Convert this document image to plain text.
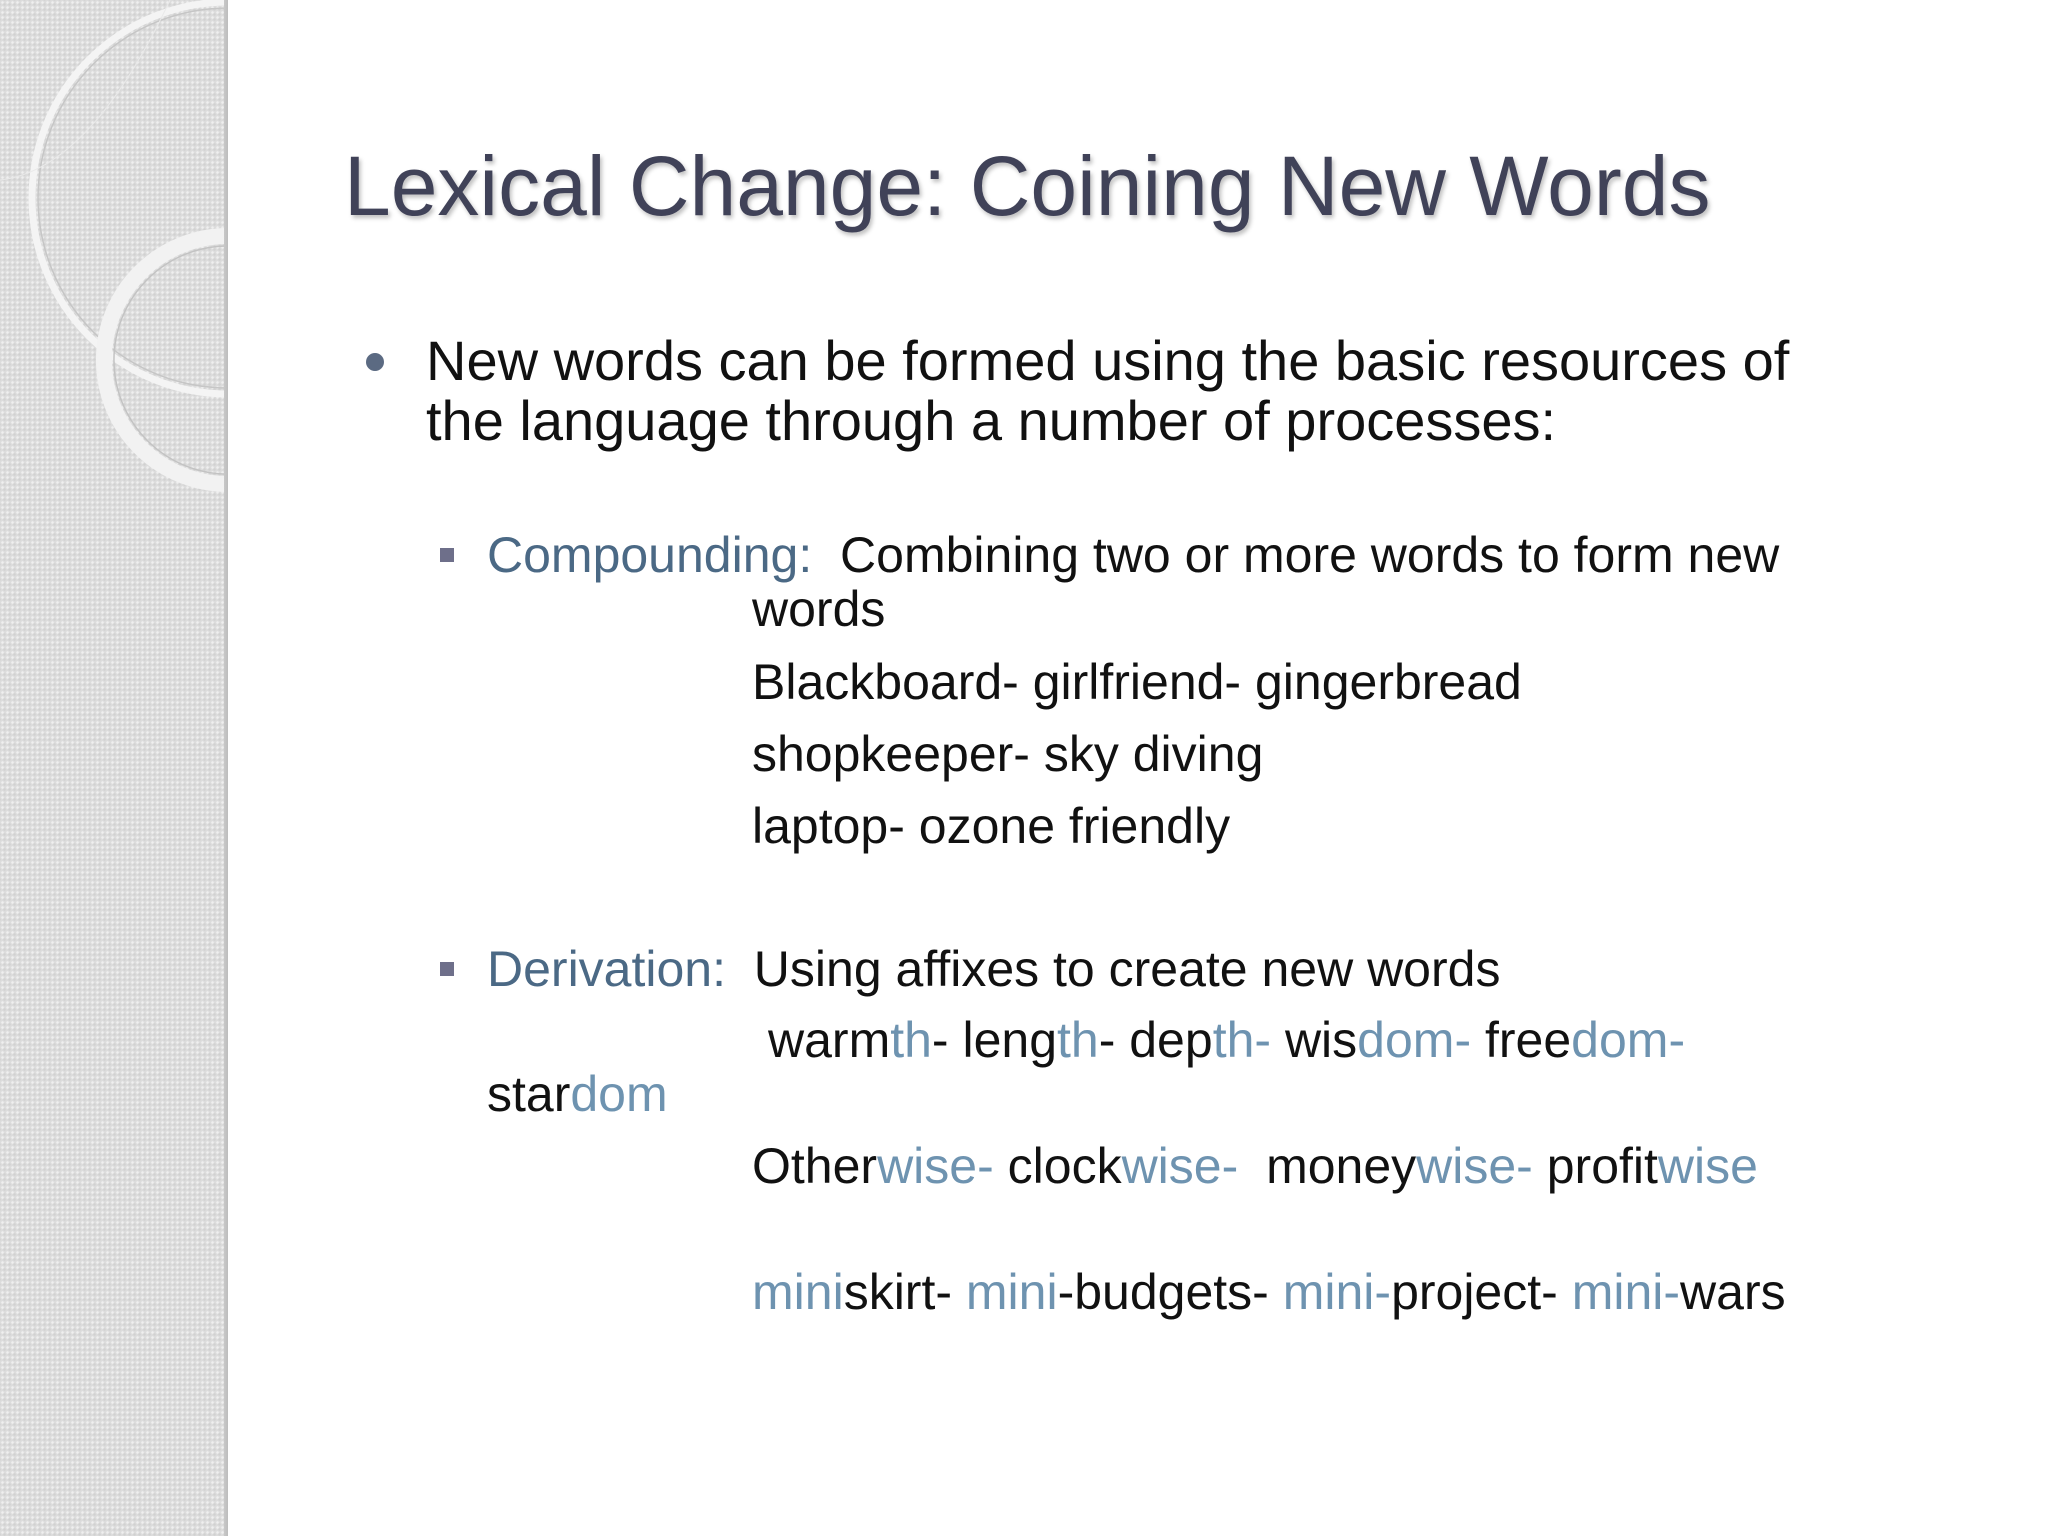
Lexical Change: Coining New Words
New words can be formed using the basic resources of
the language through a number of processes:
Compounding: Combining two or more words to form new
words
Blackboard- girlfriend- gingerbread
shopkeeper- sky diving
laptop- ozone friendly
Derivation: Using affixes to create new words
warmth- length- depth- wisdom- freedom-
stardom
Otherwise- clockwise- moneywise- profitwise
miniskirt- mini-budgets- mini-project- mini-wars
